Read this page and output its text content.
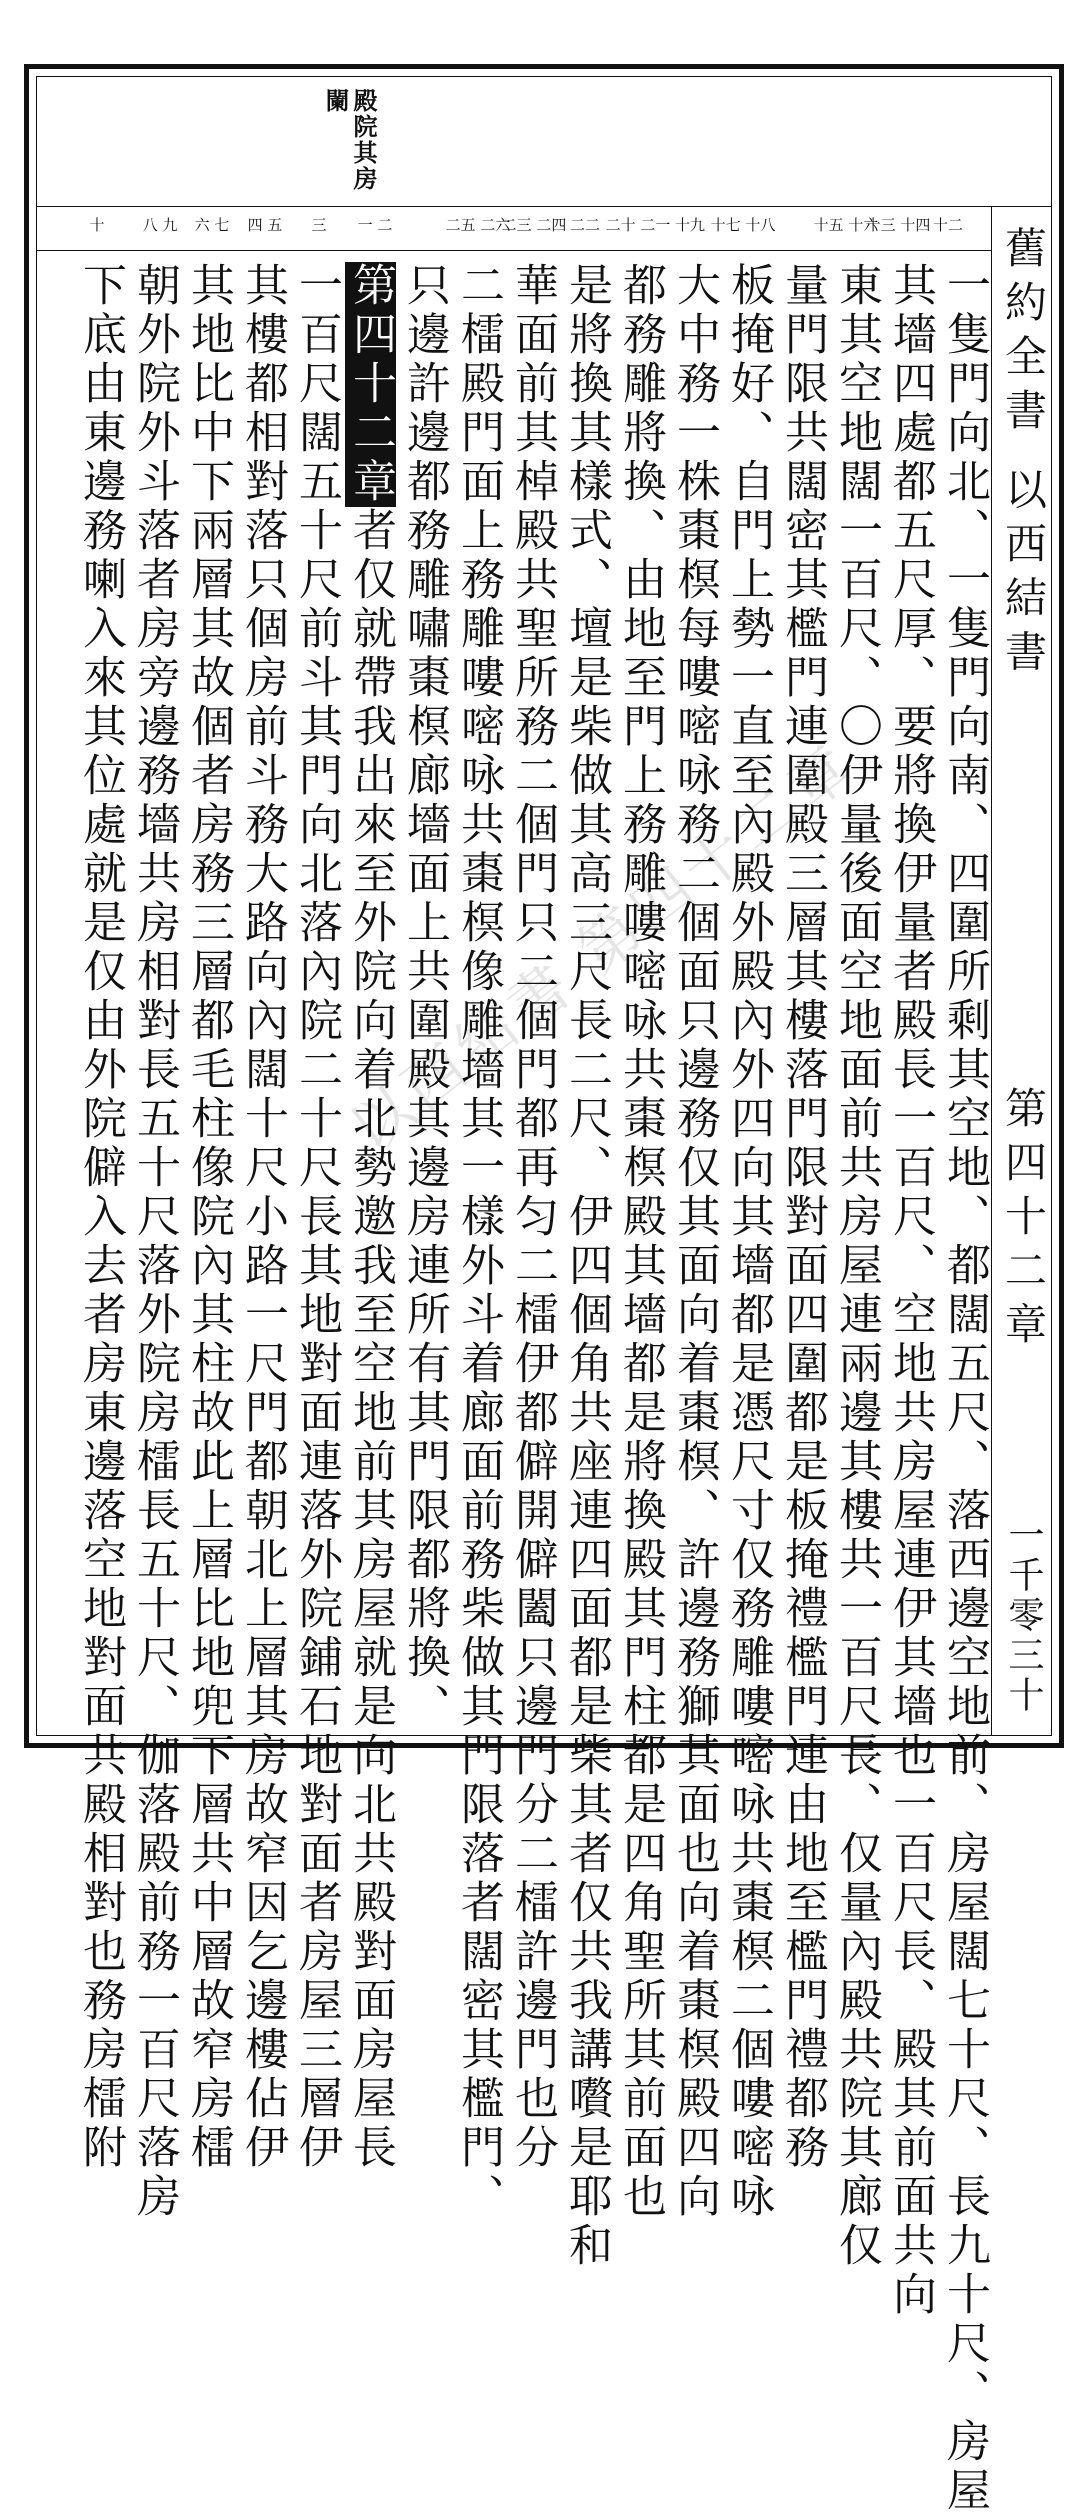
殿院其房
闌
舊約全書 以西結書
第四十二章
一千零三十
十二
十三 十四
十五 十六
十七 十八
十九
二十 二一
二二
二三 二四
二五 二六
一 二
三
四 五
六 七
八 九
十
一隻門向北、一隻門向南、四圍所剩其空地、都闊五尺、落西邊空地前、房屋闊七十尺、長九十尺、房屋
其墻四處都五尺厚、要將換伊量者殿長一百尺、空地共房屋連伊其墻也一百尺長、殿其前面共向
東其空地闊一百尺、〇伊量後面空地面前共房屋連兩邊其樓共一百尺長、仅量內殿共院其廊仅
量門限共闊密其檻門連圍殿三層其樓落門限對面四圍都是板掩禮檻門連由地至檻門禮都務
板掩好、自門上勢一直至內殿外殿內外四向其墻都是憑尺寸仅務雕嘍嘧咏共棗榠二個嘍嘧咏
大中務一株棗榠每嘍嘧咏務二個面只邊務仅其面向着棗榠、許邊務獅其面也向着棗榠殿四向
都務雕將換、由地至門上務雕嘍嘧咏共棗榠殿其墻都是將換殿其門柱都是四角聖所其前面也
是將換其樣式、壇是柴做其高三尺長二尺、伊四個角共座連四面都是柴其者仅共我講嚽是耶和
華面前其棹殿共聖所務二個門只二個門都再匀二檑伊都僻開僻闔只邊門分二檑許邊門也分
二檑殿門面上務雕嘍嘧咏共棗榠像雕墻其一樣外斗着廊面前務柴做其門限落者闊密其檻門、
只邊許邊都務雕嘯棗榠廊墻面上共圍殿其邊房連所有其門限都將換、
第四十二章者仅就帶我出來至外院向着北勢邀我至空地前其房屋就是向北共殿對面房屋長
一百尺闊五十尺前斗其門向北落內院二十尺長其地對面連落外院鋪石地對面者房屋三層伊
其樓都相對落只個房前斗務大路向內闊十尺小路一尺門都朝北上層其房故窄因乞邊樓佔伊
其地比中下兩層其故個者房務三層都毛柱像院內其柱故此上層比地兜下層共中層故窄房檑
朝外院外斗落者房旁邊務墻共房相對長五十尺落外院房檑長五十尺、伽落殿前務一百尺落房
下底由東邊務喇入來其位處就是仅由外院僻入去者房東邊落空地對面共殿相對也務房檑附	以西結書 第四十二章
